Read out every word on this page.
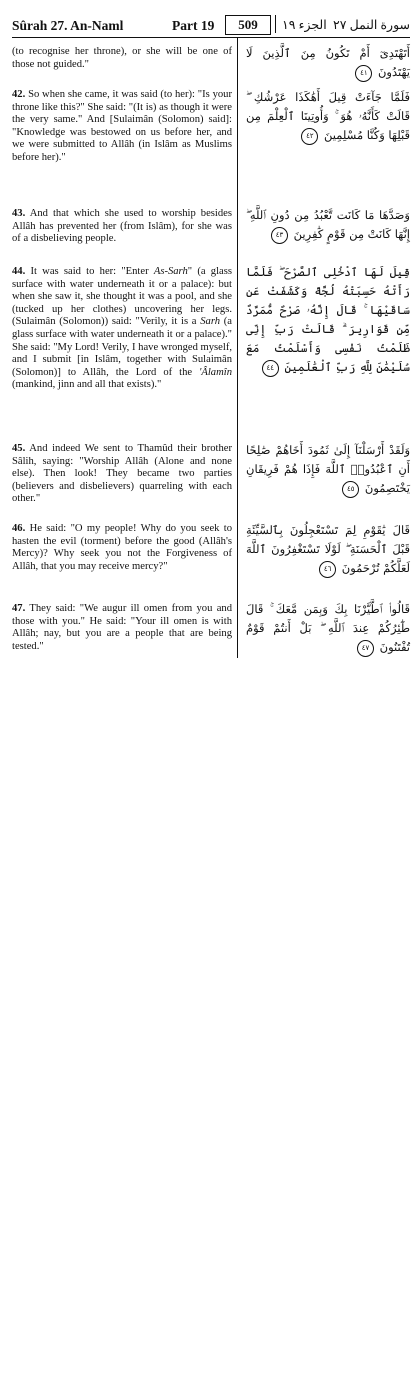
Sûrah 27. An-Naml	Part 19	509	الجزء ١٩ سورة النمل ٢٧
(to recognise her throne), or she will be one of those not guided."
أَتَهْتَدِىٓ أَمْ تَكُونُ مِنَ ٱلَّذِينَ لَا يَهْتَدُونَ ٤١
42. So when she came, it was said (to her): "Is your throne like this?" She said: "(It is) as though it were the very same." And [Sulaimân (Solomon) said]: "Knowledge was bestowed on us before her, and we were submitted to Allâh (in Islâm as Muslims before her)."
فَلَمَّا جَآءَتْ قِيلَ أَهَٰكَذَا عَرْشُكِ ۖ قَالَتْ كَأَنَّهُۥ هُوَ ۚ وَأُوتِينَا ٱلْعِلْمَ مِن قَبْلِهَا وَكُنَّا مُسْلِمِينَ ٤٢
43. And that which she used to worship besides Allâh has prevented her (from Islâm), for she was of a disbelieving people.
وَصَدَّهَا مَا كَانَت تَّعْبُدُ مِن دُونِ ٱللَّهِ ۖ إِنَّهَا كَانَتْ مِن قَوْمٍ كَٰفِرِينَ ٤٣
44. It was said to her: "Enter As-Sarh" (a glass surface with water underneath it or a palace): but when she saw it, she thought it was a pool, and she (tucked up her clothes) uncovering her legs. (Sulaimân (Solomon)) said: "Verily, it is a Sarh (a glass surface with water underneath it or a palace)." She said: "My Lord! Verily, I have wronged myself, and I submit [in Islâm, together with Sulaimân (Solomon)] to Allâh, the Lord of the 'Âlamîn (mankind, jinn and all that exists)."
قِيلَ لَهَا ٱدْخُلِى ٱلصَّرْحَ ۖ فَلَمَّا رَأَتْهُ حَسِبَتْهُ لُجَّةً وَكَشَفَتْ عَن سَاقَيْهَا ۚ قَالَ إِنَّهُۥ صَرْحٌ مُّمَرَّدٌ مِّن قَوَارِيرَ ۗ قَالَتْ رَبِّ إِنِّى ظَلَمْتُ نَفْسِى وَأَسْلَمْتُ مَعَ سُلَيْمَٰنَ لِلَّهِ رَبِّ ٱلْعَٰلَمِينَ ٤٤
45. And indeed We sent to Thamûd their brother Sâlih, saying: "Worship Allâh (Alone and none else). Then look! They became two parties (believers and disbelievers) quarreling with each other."
وَلَقَدْ أَرْسَلْنَآ إِلَىٰ ثَمُودَ أَخَاهُمْ صَٰلِحًا أَنِ ٱعْبُدُوا۟ ٱللَّهَ فَإِذَا هُمْ فَرِيقَانِ يَخْتَصِمُونَ ٤٥
46. He said: "O my people! Why do you seek to hasten the evil (torment) before the good (Allâh's Mercy)? Why seek you not the Forgiveness of Allâh, that you may receive mercy?"
قَالَ يَٰقَوْمِ لِمَ تَسْتَعْجِلُونَ بِٱلسَّيِّئَةِ قَبْلَ ٱلْحَسَنَةِ ۖ لَوْلَا تَسْتَغْفِرُونَ ٱللَّهَ لَعَلَّكُمْ تُرْحَمُونَ ٤٦
47. They said: "We augur ill omen from you and those with you." He said: "Your ill omen is with Allâh; nay, but you are a people that are being tested."
قَالُوا۟ ٱطَّيَّرْنَا بِكَ وَبِمَن مَّعَكَ ۚ قَالَ طَٰٓئِرُكُمْ عِندَ ٱللَّهِ ۖ بَلْ أَنتُمْ قَوْمٌ تُفْتَنُونَ ٤٧
